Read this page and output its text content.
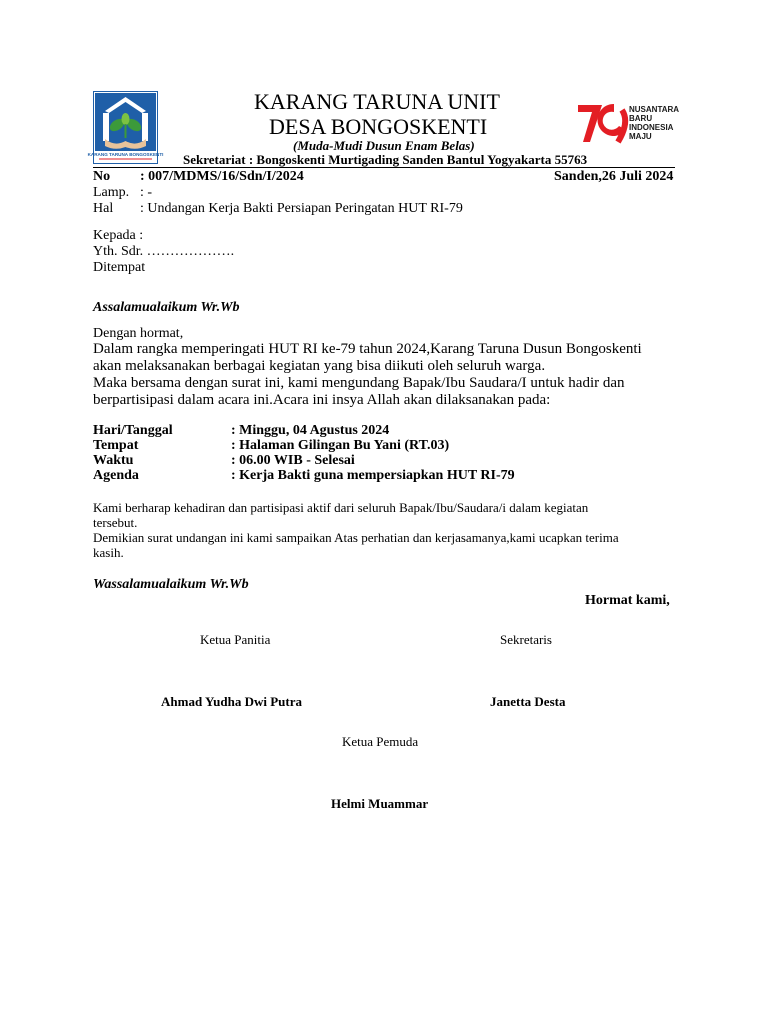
KARANG TARUNA BONGOSKENTI
KARANG TARUNA UNIT
DESA BONGOSKENTI
(Muda-Mudi Dusun Enam Belas)
Sekretariat : Bongoskenti Murtigading Sanden Bantul Yogyakarta 55763
NUSANTARA
BARU
INDONESIA
MAJU
No : 007/MDMS/16/Sdn/I/2024	Sanden,26 Juli 2024
Lamp. : -
Hal : Undangan Kerja Bakti Persiapan Peringatan HUT RI-79
Kepada :
Yth. Sdr. ……………….
Ditempat
Assalamualaikum Wr.Wb
Dengan hormat,
Dalam rangka memperingati HUT RI ke-79 tahun 2024,Karang Taruna Dusun Bongoskenti
akan melaksanakan berbagai kegiatan yang bisa diikuti oleh seluruh warga.
Maka bersama dengan surat ini, kami mengundang Bapak/Ibu Saudara/I untuk hadir dan
berpartisipasi dalam acara ini.Acara ini insya Allah akan dilaksanakan pada:
Hari/Tanggal	: Minggu, 04 Agustus 2024
Tempat	: Halaman Gilingan Bu Yani (RT.03)
Waktu	: 06.00 WIB - Selesai
Agenda	: Kerja Bakti guna mempersiapkan HUT RI-79
Kami berharap kehadiran dan partisipasi aktif dari seluruh Bapak/Ibu/Saudara/i dalam kegiatan
tersebut.
Demikian surat undangan ini kami sampaikan Atas perhatian dan kerjasamanya,kami ucapkan terima
kasih.
Wassalamualaikum Wr.Wb
Hormat kami,
Ketua Panitia	Sekretaris
Ahmad Yudha Dwi Putra	Janetta Desta
Ketua Pemuda
Helmi Muammar
